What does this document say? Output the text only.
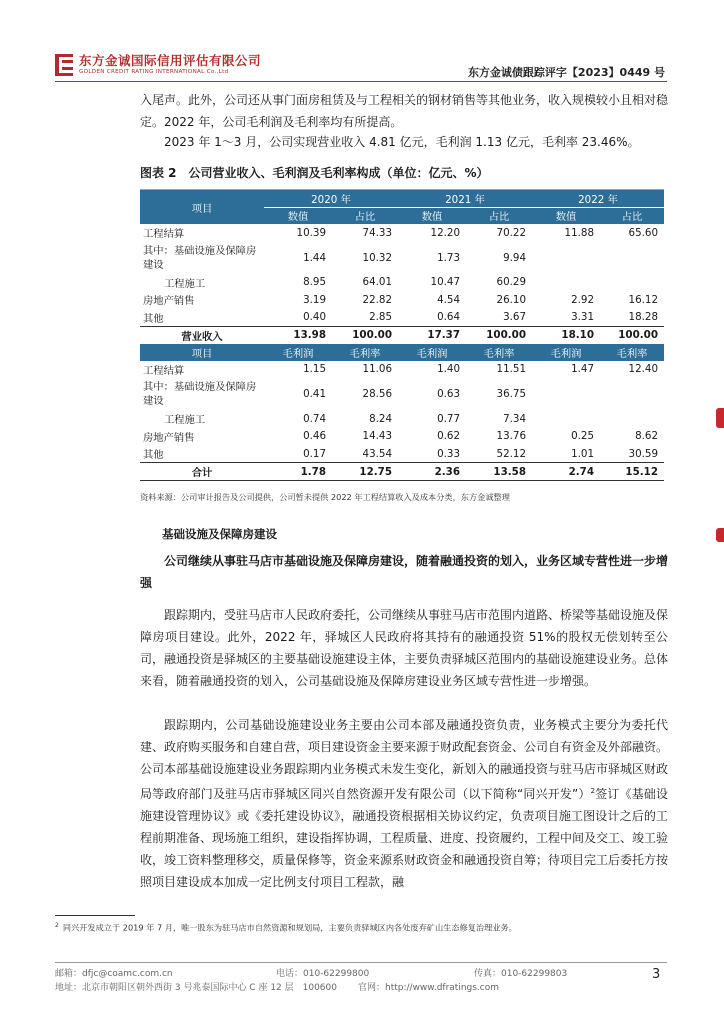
东方金诚国际信用评估有限公司
GOLDEN CREDIT RATING INTERNATIONAL Co.,Ltd	东方金诚债跟踪评字【2023】0449 号
入尾声。此外，公司还从事门面房租赁及与工程相关的钢材销售等其他业务，收入规模较小且相对稳定。2022 年，公司毛利润及毛利率均有所提高。
2023 年 1～3 月，公司实现营业收入 4.81 亿元，毛利润 1.13 亿元，毛利率 23.46%。
图表 2　公司营业收入、毛利润及毛利率构成（单位：亿元、%）
项目	2020 年		2021 年		2022 年	
	数值	占比	数值	占比	数值	占比
工程结算	10.39	74.33	12.20	70.22	11.88	65.60
其中：基础设施及保障房建设	1.44	10.32	1.73	9.94		
工程施工	8.95	64.01	10.47	60.29		
房地产销售	3.19	22.82	4.54	26.10	2.92	16.12
其他	0.40	2.85	0.64	3.67	3.31	18.28
营业收入	13.98	100.00	17.37	100.00	18.10	100.00
项目	毛利润	毛利率	毛利润	毛利率	毛利润	毛利率
工程结算	1.15	11.06	1.40	11.51	1.47	12.40
其中：基础设施及保障房建设	0.41	28.56	0.63	36.75		
工程施工	0.74	8.24	0.77	7.34		
房地产销售	0.46	14.43	0.62	13.76	0.25	8.62
其他	0.17	43.54	0.33	52.12	1.01	30.59
合计	1.78	12.75	2.36	13.58	2.74	15.12
资料来源：公司审计报告及公司提供，公司暂未提供 2022 年工程结算收入及成本分类，东方金诚整理
基础设施及保障房建设
公司继续从事驻马店市基础设施及保障房建设，随着融通投资的划入，业务区域专营性进一步增强
跟踪期内，受驻马店市人民政府委托，公司继续从事驻马店市范围内道路、桥梁等基础设施及保障房项目建设。此外，2022 年，驿城区人民政府将其持有的融通投资 51%的股权无偿划转至公司，融通投资是驿城区的主要基础设施建设主体，主要负责驿城区范围内的基础设施建设业务。总体来看，随着融通投资的划入，公司基础设施及保障房建设业务区域专营性进一步增强。
跟踪期内，公司基础设施建设业务主要由公司本部及融通投资负责，业务模式主要分为委托代建、政府购买服务和自建自营，项目建设资金主要来源于财政配套资金、公司自有资金及外部融资。公司本部基础设施建设业务跟踪期内业务模式未发生变化，新划入的融通投资与驻马店市驿城区财政局等政府部门及驻马店市驿城区同兴自然资源开发有限公司（以下简称“同兴开发”）$^2$签订《基础设施建设管理协议》或《委托建设协议》，融通投资根据相关协议约定，负责项目施工图设计之后的工程前期准备、现场施工组织，建设指挥协调，工程质量、进度、投资履约，工程中间及交工、竣工验收，竣工资料整理移交，质量保修等，资金来源系财政资金和融通投资自筹；待项目完工后委托方按照项目建设成本加成一定比例支付项目工程款，融
$^2$ 同兴开发成立于 2019 年 7 月，唯一股东为驻马店市自然资源和规划局，主要负责驿城区内各处废弃矿山生态修复治理业务。
邮箱：dfjc@coamc.com.cn	电话：010-62299800	传真：010-62299803
地址：北京市朝阳区朝外西街 3 号兆泰国际中心 C 座 12 层　100600 官网：http://www.dfratings.com
3
